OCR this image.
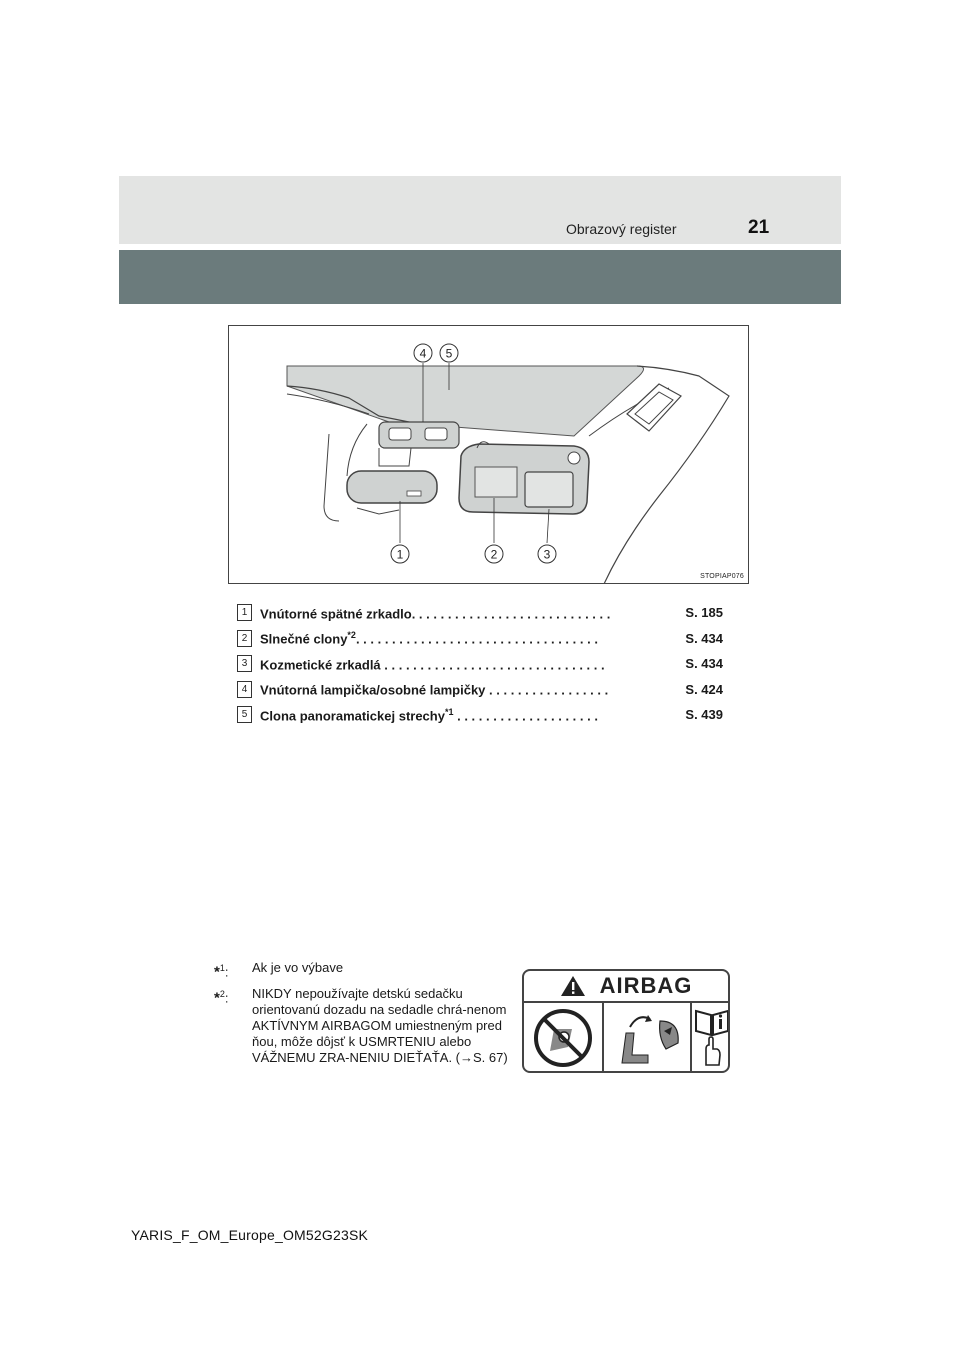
Obrazový register	21
4 5
1	2	3
STOPIAP076
1 Vnútorné spätné zrkadlo. . . . . . . . . . . . . . . . . . . . . . . . . . . .	S. 185
2 Slnečné clony$^{*2}$. . . . . . . . . . . . . . . . . . . . . . . . . . . . . . . . . .	S. 434
3 Kozmetické zrkadlá . . . . . . . . . . . . . . . . . . . . . . . . . . . . . . .	S. 434
4 Vnútorná lampička/osobné lampičky . . . . . . . . . . . . . . . . .	S. 424
5 Clona panoramatickej strechy$^{*1}$ . . . . . . . . . . . . . . . . . . . .	S. 439
*$^1$:	Ak je vo výbave
*$^2$:	NIKDY nepoužívajte detskú sedačku orientovanú dozadu na sedadle chrá-nenom AKTÍVNYM AIRBAGOM umiestneným pred ňou, môže dôjsť k USMRTENIU alebo VÁŽNEMU ZRA-NENIU DIEŤAŤA. (→S. 67)
AIRBAG
YARIS_F_OM_Europe_OM52G23SK
